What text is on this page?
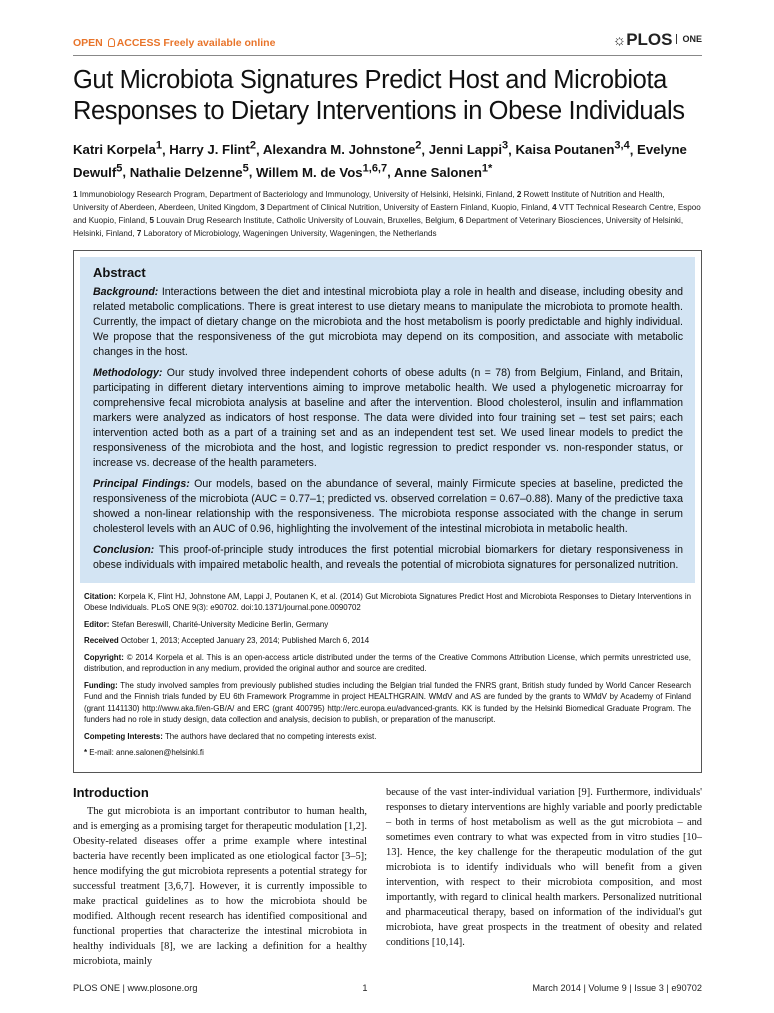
OPEN ACCESS Freely available online	☼PLOS ONE
Gut Microbiota Signatures Predict Host and Microbiota Responses to Dietary Interventions in Obese Individuals
Katri Korpela$^1$, Harry J. Flint$^2$, Alexandra M. Johnstone$^2$, Jenni Lappi$^3$, Kaisa Poutanen$^{3,4}$, Evelyne Dewulf$^5$, Nathalie Delzenne$^5$, Willem M. de Vos$^{1,6,7}$, Anne Salonen$^{1*}$
1 Immunobiology Research Program, Department of Bacteriology and Immunology, University of Helsinki, Helsinki, Finland, 2 Rowett Institute of Nutrition and Health, University of Aberdeen, Aberdeen, United Kingdom, 3 Department of Clinical Nutrition, University of Eastern Finland, Kuopio, Finland, 4 VTT Technical Research Centre, Espoo and Kuopio, Finland, 5 Louvain Drug Research Institute, Catholic University of Louvain, Bruxelles, Belgium, 6 Department of Veterinary Biosciences, University of Helsinki, Helsinki, Finland, 7 Laboratory of Microbiology, Wageningen University, Wageningen, the Netherlands
Abstract

Background: Interactions between the diet and intestinal microbiota play a role in health and disease, including obesity and related metabolic complications. There is great interest to use dietary means to manipulate the microbiota to promote health. Currently, the impact of dietary change on the microbiota and the host metabolism is poorly predictable and highly individual. We propose that the responsiveness of the gut microbiota may depend on its composition, and associate with metabolic changes in the host.

Methodology: Our study involved three independent cohorts of obese adults (n = 78) from Belgium, Finland, and Britain, participating in different dietary interventions aiming to improve metabolic health. We used a phylogenetic microarray for comprehensive fecal microbiota analysis at baseline and after the intervention. Blood cholesterol, insulin and inflammation markers were analyzed as indicators of host response. The data were divided into four training set – test set pairs; each intervention acted both as a part of a training set and as an independent test set. We used linear models to predict the responsiveness of the microbiota and the host, and logistic regression to predict responder vs. non-responder status, or increase vs. decrease of the health parameters.

Principal Findings: Our models, based on the abundance of several, mainly Firmicute species at baseline, predicted the responsiveness of the microbiota (AUC = 0.77–1; predicted vs. observed correlation = 0.67–0.88). Many of the predictive taxa showed a non-linear relationship with the responsiveness. The microbiota response associated with the change in serum cholesterol levels with an AUC of 0.96, highlighting the involvement of the intestinal microbiota in metabolic health.

Conclusion: This proof-of-principle study introduces the first potential microbial biomarkers for dietary responsiveness in obese individuals with impaired metabolic health, and reveals the potential of microbiota signatures for personalized nutrition.

Citation: Korpela K, Flint HJ, Johnstone AM, Lappi J, Poutanen K, et al. (2014) Gut Microbiota Signatures Predict Host and Microbiota Responses to Dietary Interventions in Obese Individuals. PLoS ONE 9(3): e90702. doi:10.1371/journal.pone.0090702

Editor: Stefan Bereswill, Charité-University Medicine Berlin, Germany

Received October 1, 2013; Accepted January 23, 2014; Published March 6, 2014

Copyright: © 2014 Korpela et al. This is an open-access article distributed under the terms of the Creative Commons Attribution License, which permits unrestricted use, distribution, and reproduction in any medium, provided the original author and source are credited.

Funding: The study involved samples from previously published studies including the Belgian trial funded the FNRS grant, British study funded by World Cancer Research Fund and the Finnish trials funded by EU 6th Framework Programme in project HEALTHGRAIN. WMdV and AS are funded by the grants to WMdV by Academy of Finland (grant 1141130) http://www.aka.fi/en-GB/A/ and ERC (grant 400795) http://erc.europa.eu/advanced-grants. KK is funded by the Helsinki Biomedical Graduate Program. The funders had no role in study design, data collection and analysis, decision to publish, or preparation of the manuscript.

Competing Interests: The authors have declared that no competing interests exist.

* E-mail: anne.salonen@helsinki.fi

Introduction
The gut microbiota is an important contributor to human health, and is emerging as a promising target for therapeutic modulation [1,2]. Obesity-related diseases offer a prime example where intestinal bacteria have recently been implicated as one etiological factor [3–5]; hence modifying the gut microbiota represents a potential strategy for successful treatment [3,6,7]. However, it is currently impossible to make practical guidelines as to how the microbiota should be modified. Although recent research has identified compositional and functional properties that characterize the intestinal microbiota in healthy individuals [8], we are lacking a definition for a healthy microbiota, mainly
because of the vast inter-individual variation [9]. Furthermore, individuals' responses to dietary interventions are highly variable and poorly predictable – both in terms of host metabolism as well as the gut microbiota – and sometimes even contrary to what was expected from in vitro studies [10–13]. Hence, the key challenge for the therapeutic modulation of the gut microbiota is to identify individuals who will benefit from a given intervention, with respect to their microbiota composition, and most importantly, with regard to clinical health markers. Personalized nutritional and pharmaceutical therapy, based on information of the individual's gut microbiota, have great prospects in the treatment of obesity and related conditions [10,14].
PLOS ONE | www.plosone.org	1	March 2014 | Volume 9 | Issue 3 | e90702
